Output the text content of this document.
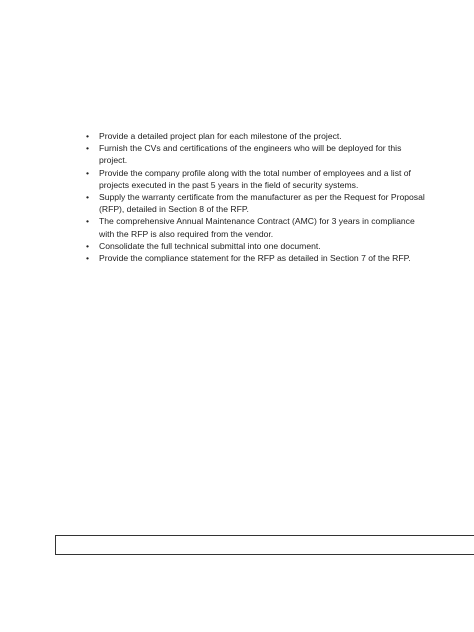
• Provide a detailed project plan for each milestone of the project.
• Furnish the CVs and certifications of the engineers who will be deployed for this project.
• Provide the company profile along with the total number of employees and a list of projects executed in the past 5 years in the field of security systems.
• Supply the warranty certificate from the manufacturer as per the Request for Proposal (RFP), detailed in Section 8 of the RFP.
• The comprehensive Annual Maintenance Contract (AMC) for 3 years in compliance with the RFP is also required from the vendor.
• Consolidate the full technical submittal into one document.
• Provide the compliance statement for the RFP as detailed in Section 7 of the RFP.
